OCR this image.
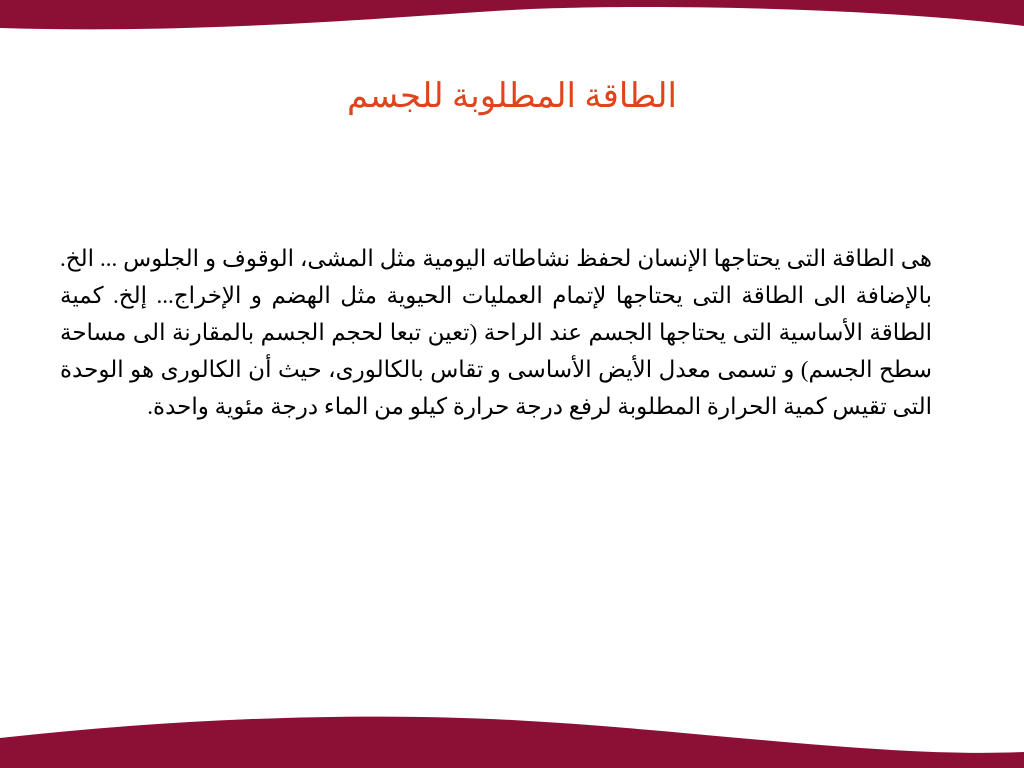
الطاقة المطلوبة للجسم

هى الطاقة التى يحتاجها الإنسان لحفظ نشاطاته اليومية مثل المشى، الوقوف و الجلوس ... الخ. بالإضافة الى الطاقة التى يحتاجها لإتمام العمليات الحيوية مثل الهضم و الإخراج... إلخ. كمية الطاقة الأساسية التى يحتاجها الجسم عند الراحة (تعين تبعا لحجم الجسم بالمقارنة الى مساحة سطح الجسم) و تسمى معدل الأيض الأساسى و تقاس بالكالورى، حيث أن الكالورى هو الوحدة التى تقيس كمية الحرارة المطلوبة لرفع درجة حرارة كيلو من الماء درجة مئوية واحدة.
